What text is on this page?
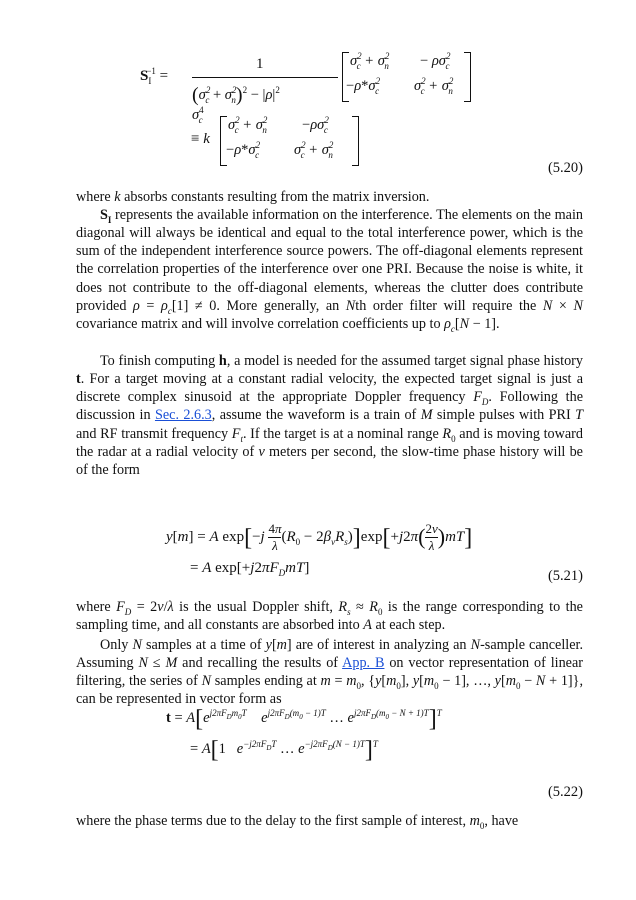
$S_I^{-1}$ =
1
$(\sigma^2_c + \sigma^2_n)^2 - |\rho|^2$ $\sigma^4_c$
$\sigma^2_c + \sigma^2_n - \rho\sigma^2_c$
$-\rho*\sigma^2_c$ $\sigma^2_c + \sigma^2_n$
≡ k
$\sigma^2_c + \sigma^2_n -\rho\sigma^2_c$
$-\rho*\sigma^2_c$ $\sigma^2_c + \sigma^2_n$
(5.20)

where k absorbs constants resulting from the matrix inversion.

$S_I$ represents the available information on the interference. The elements on the main diagonal will always be identical and equal to the total interference power, which is the sum of the independent interference source powers. The off-diagonal elements represent the correlation properties of the interference over one PRI. Because the noise is white, it does not contribute to the off-diagonal elements, whereas the clutter does contribute provided $\rho = \rho_c[1] \ne 0$. More generally, an Nth order filter will require the N × N covariance matrix and will involve correlation coefficients up to $\rho_c[N - 1]$.

To finish computing h, a model is needed for the assumed target signal phase history t. For a target moving at a constant radial velocity, the expected target signal is just a discrete complex sinusoid at the appropriate Doppler frequency $F_D$. Following the discussion in Sec. 2.6.3, assume the waveform is a train of M simple pulses with PRI T and RF transmit frequency $F_t$. If the target is at a nominal range $R_0$ and is moving toward the radar at a radial velocity of v meters per second, the slow-time phase history will be of the form

y[m] = A $\exp[-j \frac{4\pi}{\lambda} (R_0 - 2\beta_vR_s)]\exp[+j2\pi( \frac{2v}{\lambda} )mT]$
= A $\exp[+j2\pi F_DmT]$	(5.21)

where $F_D = 2v/\lambda$ is the usual Doppler shift, $R_s \approx R_0$ is the range corresponding to the sampling time, and all constants are absorbed into A at each step.

Only N samples at a time of y[m] are of interest in analyzing an N-sample canceller. Assuming N ≤ M and recalling the results of App. B on vector representation of linear filtering, the series of N samples ending at $m = m_0$, {$y[m_0]$, $y[m_0 - 1]$, …, $y[m_0 - N + 1]$}, can be represented in vector form as

$t = A[e^{j2\pi F_Dm_0T}$ $e^{j2\pi F_D(m_0 - 1)T}$ … $e^{j2\pi F_D(m_0 - N + 1)T}]^T$
= A[1   $e^{-j2\pi F_DT}$ … $e^{-j2\pi F_D(N - 1)T}]^T$
(5.22)

where the phase terms due to the delay to the first sample of interest, $m_0$, have
